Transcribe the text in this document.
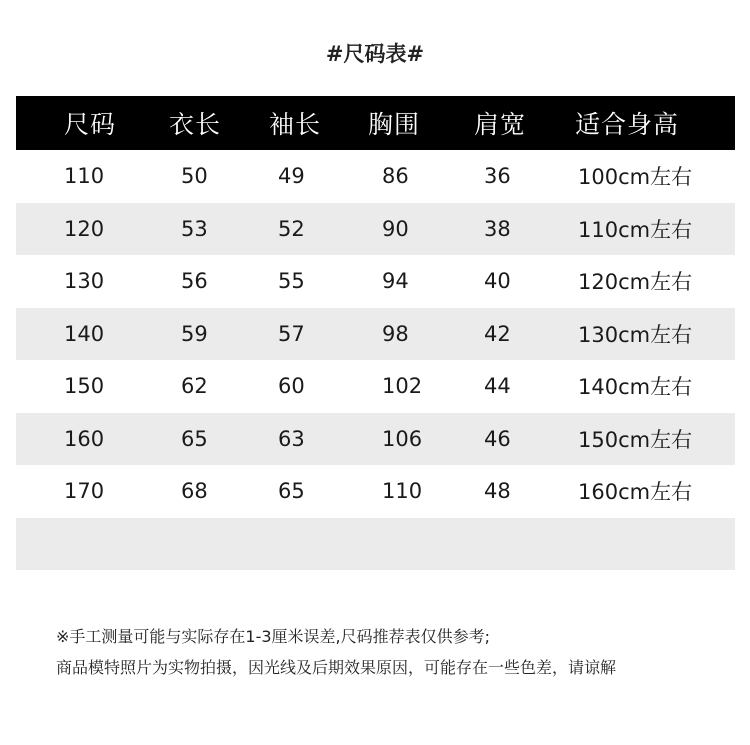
#尺码表#
尺码 衣长 袖长 胸围 肩宽 适合身高
110	50	49	86	36	100cm左右
120	53	52	90	38	110cm左右
130	56	55	94	40	120cm左右
140	59	57	98	42	130cm左右
150	62	60	102	44	140cm左右
160	65	63	106	46	150cm左右
170	68	65	110	48	160cm左右
※手工测量可能与实际存在1-3厘米误差,尺码推荐表仅供参考;
商品模特照片为实物拍摄，因光线及后期效果原因，可能存在一些色差，请谅解
